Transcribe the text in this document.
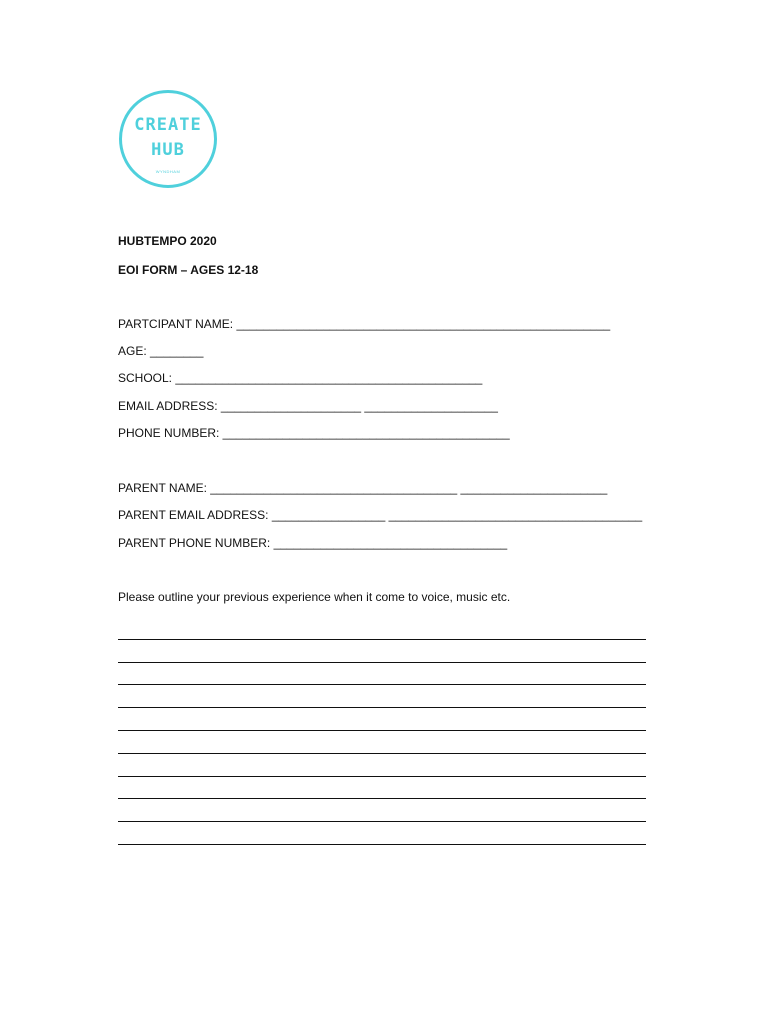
CREATE
HUB
WYNDHAM
HUBTEMPO 2020
EOI FORM – AGES 12-18
PARTCIPANT NAME: ________________________________________________________
AGE: ________
SCHOOL: ______________________________________________
EMAIL ADDRESS: _____________________ ____________________
PHONE NUMBER: ___________________________________________
PARENT NAME: _____________________________________ ______________________
PARENT EMAIL ADDRESS: _________________ ______________________________________
PARENT PHONE NUMBER: ___________________________________
Please outline your previous experience when it come to voice, music etc.
